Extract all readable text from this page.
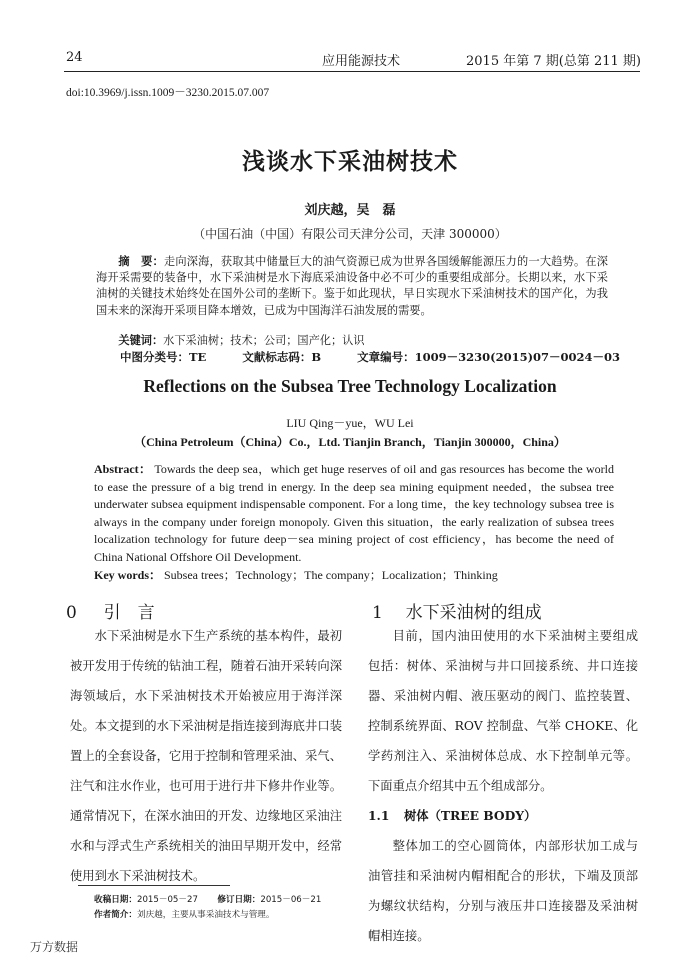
24	应用能源技术	2015 年第 7 期(总第 211 期)
doi:10.3969/j.issn.1009－3230.2015.07.007
浅谈水下采油树技术
刘庆越，吴　磊
（中国石油（中国）有限公司天津分公司，天津 300000）
摘　要：走向深海，获取其中储量巨大的油气资源已成为世界各国缓解能源压力的一大趋势。在深海开采需要的装备中，水下采油树是水下海底采油设备中必不可少的重要组成部分。长期以来，水下采油树的关键技术始终处在国外公司的垄断下。鉴于如此现状，早日实现水下采油树技术的国产化，为我国未来的深海开采项目降本增效，已成为中国海洋石油发展的需要。
关键词：水下采油树；技术；公司；国产化；认识
中图分类号：TE	文献标志码：B	文章编号：1009－3230(2015)07－0024－03
Reflections on the Subsea Tree Technology Localization
LIU Qing－yue，WU Lei
（China Petroleum（China）Co.，Ltd. Tianjin Branch，Tianjin 300000，China）
Abstract： Towards the deep sea，which get huge reserves of oil and gas resources has become the world to ease the pressure of a big trend in energy. In the deep sea mining equipment needed，the subsea tree underwater subsea equipment indispensable component. For a long time，the key technology subsea tree is always in the company under foreign monopoly. Given this situation，the early realization of subsea trees localization technology for future deep－sea mining project of cost efficiency，has become the need of China National Offshore Oil Development.
Key words： Subsea trees；Technology；The company；Localization；Thinking
0 引　言

水下采油树是水下生产系统的基本构件，最初被开发用于传统的钻油工程，随着石油开采转向深海领域后，水下采油树技术开始被应用于海洋深处。本文提到的水下采油树是指连接到海底井口装置上的全套设备，它用于控制和管理采油、采气、注气和注水作业，也可用于进行井下修井作业等。通常情况下，在深水油田的开发、边缘地区采油注水和与浮式生产系统相关的油田早期开发中，经常使用到水下采油树技术。

1 水下采油树的组成

目前，国内油田使用的水下采油树主要组成包括：树体、采油树与井口回接系统、井口连接器、采油树内帽、液压驱动的阀门、监控装置、控制系统界面、ROV 控制盘、气举 CHOKE、化学药剂注入、采油树体总成、水下控制单元等。下面重点介绍其中五个组成部分。

1.1 树体（TREE BODY）

整体加工的空心圆筒体，内部形状加工成与油管挂和采油树内帽相配合的形状，下端及顶部为螺纹状结构，分别与液压井口连接器及采油树帽相连接。

收稿日期：2015－05－27 修订日期：2015－06－21
作者简介：刘庆越，主要从事采油技术与管理。
万方数据
